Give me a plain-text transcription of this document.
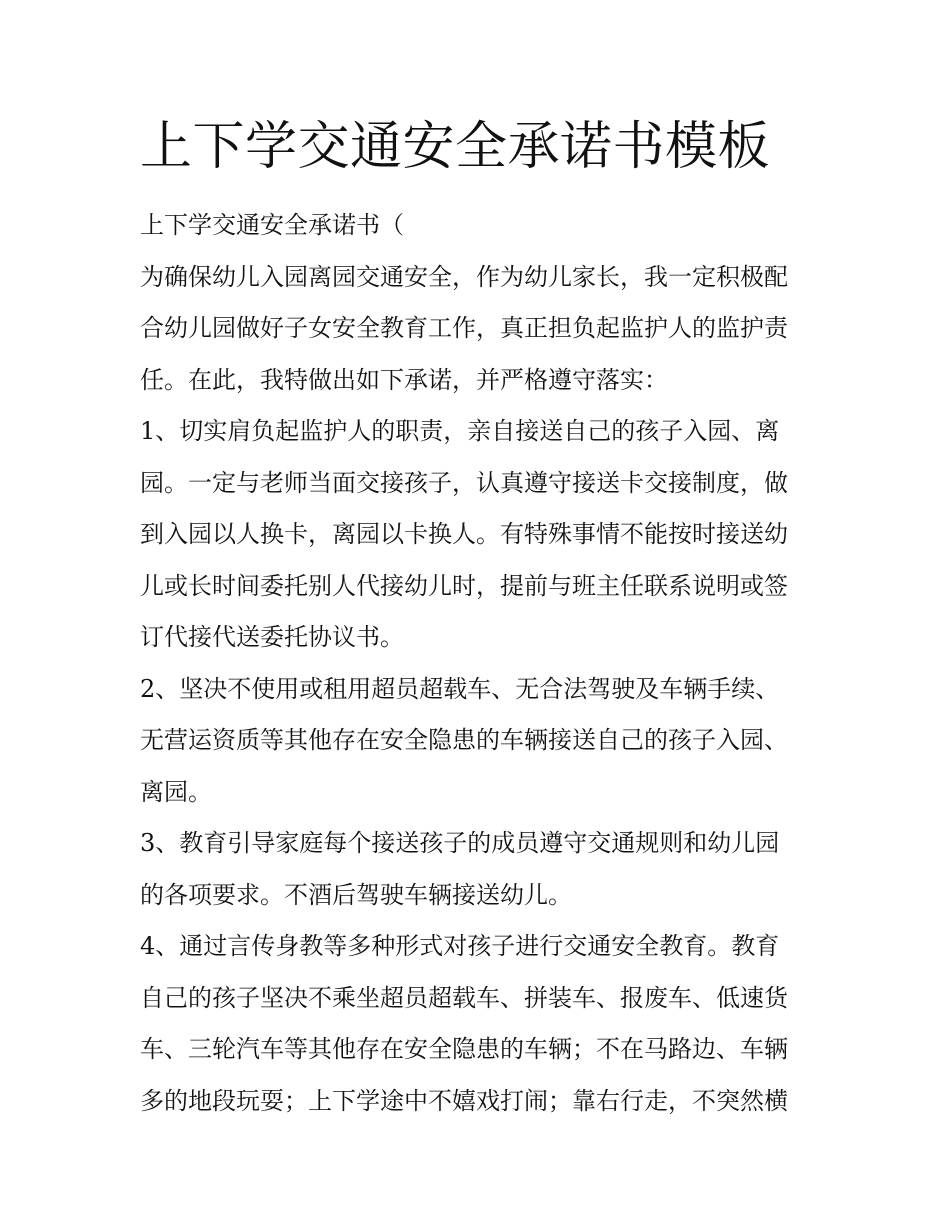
上下学交通安全承诺书模板
上下学交通安全承诺书（
为确保幼儿入园离园交通安全，作为幼儿家长，我一定积极配
合幼儿园做好子女安全教育工作，真正担负起监护人的监护责
任。在此，我特做出如下承诺，并严格遵守落实：
1、切实肩负起监护人的职责，亲自接送自己的孩子入园、离
园。一定与老师当面交接孩子，认真遵守接送卡交接制度，做
到入园以人换卡，离园以卡换人。有特殊事情不能按时接送幼
儿或长时间委托别人代接幼儿时，提前与班主任联系说明或签
订代接代送委托协议书。
2、坚决不使用或租用超员超载车、无合法驾驶及车辆手续、
无营运资质等其他存在安全隐患的车辆接送自己的孩子入园、
离园。
3、教育引导家庭每个接送孩子的成员遵守交通规则和幼儿园
的各项要求。不酒后驾驶车辆接送幼儿。
4、通过言传身教等多种形式对孩子进行交通安全教育。教育
自己的孩子坚决不乘坐超员超载车、拼装车、报废车、低速货
车、三轮汽车等其他存在安全隐患的车辆；不在马路边、车辆
多的地段玩耍；上下学途中不嬉戏打闹；靠右行走，不突然横
